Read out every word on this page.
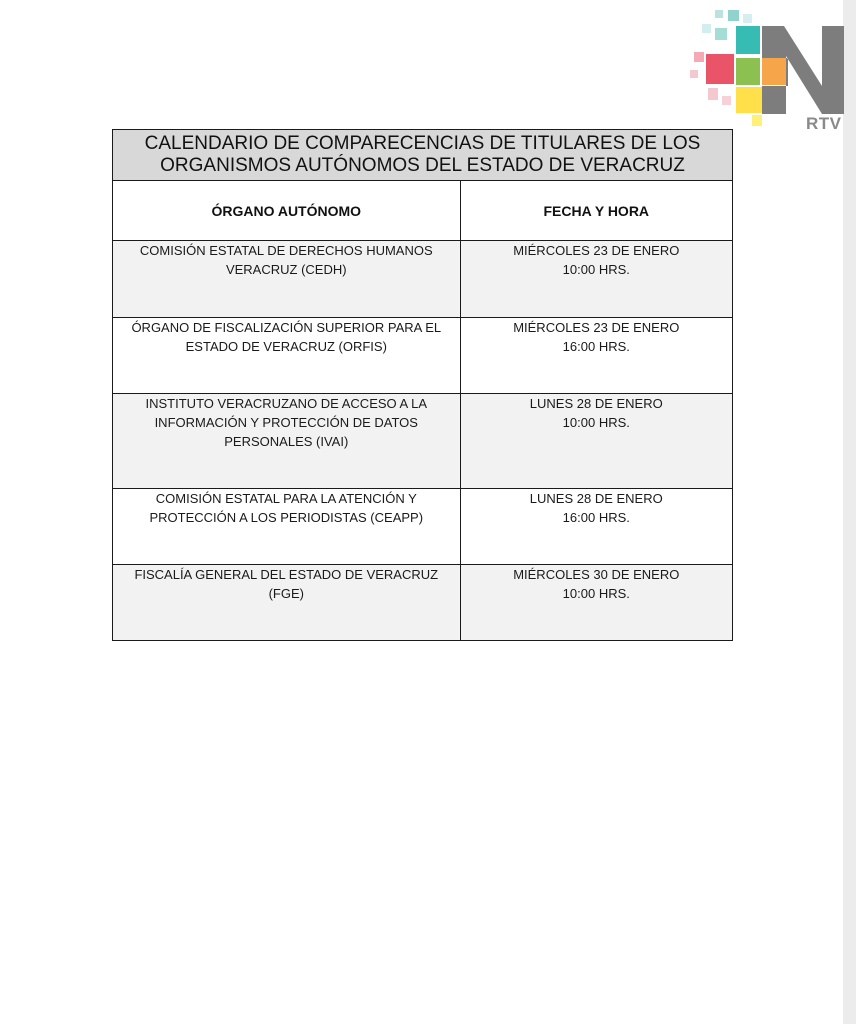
RTV
CALENDARIO DE COMPARECENCIAS DE TITULARES DE LOS
ORGANISMOS AUTÓNOMOS DEL ESTADO DE VERACRUZ	

ÓRGANO AUTÓNOMO	FECHA Y HORA

COMISIÓN ESTATAL DE DERECHOS HUMANOS
VERACRUZ (CEDH)	MIÉRCOLES 23 DE ENERO
10:00 HRS.

ÓRGANO DE FISCALIZACIÓN SUPERIOR PARA EL
ESTADO DE VERACRUZ (ORFIS)	MIÉRCOLES 23 DE ENERO
16:00 HRS.

INSTITUTO VERACRUZANO DE ACCESO A LA
INFORMACIÓN Y PROTECCIÓN DE DATOS
PERSONALES (IVAI)	LUNES 28 DE ENERO
10:00 HRS.

COMISIÓN ESTATAL PARA LA ATENCIÓN Y
PROTECCIÓN A LOS PERIODISTAS (CEAPP)	LUNES 28 DE ENERO
16:00 HRS.

FISCALÍA GENERAL DEL ESTADO DE VERACRUZ (FGE)	MIÉRCOLES 30 DE ENERO
10:00 HRS.
